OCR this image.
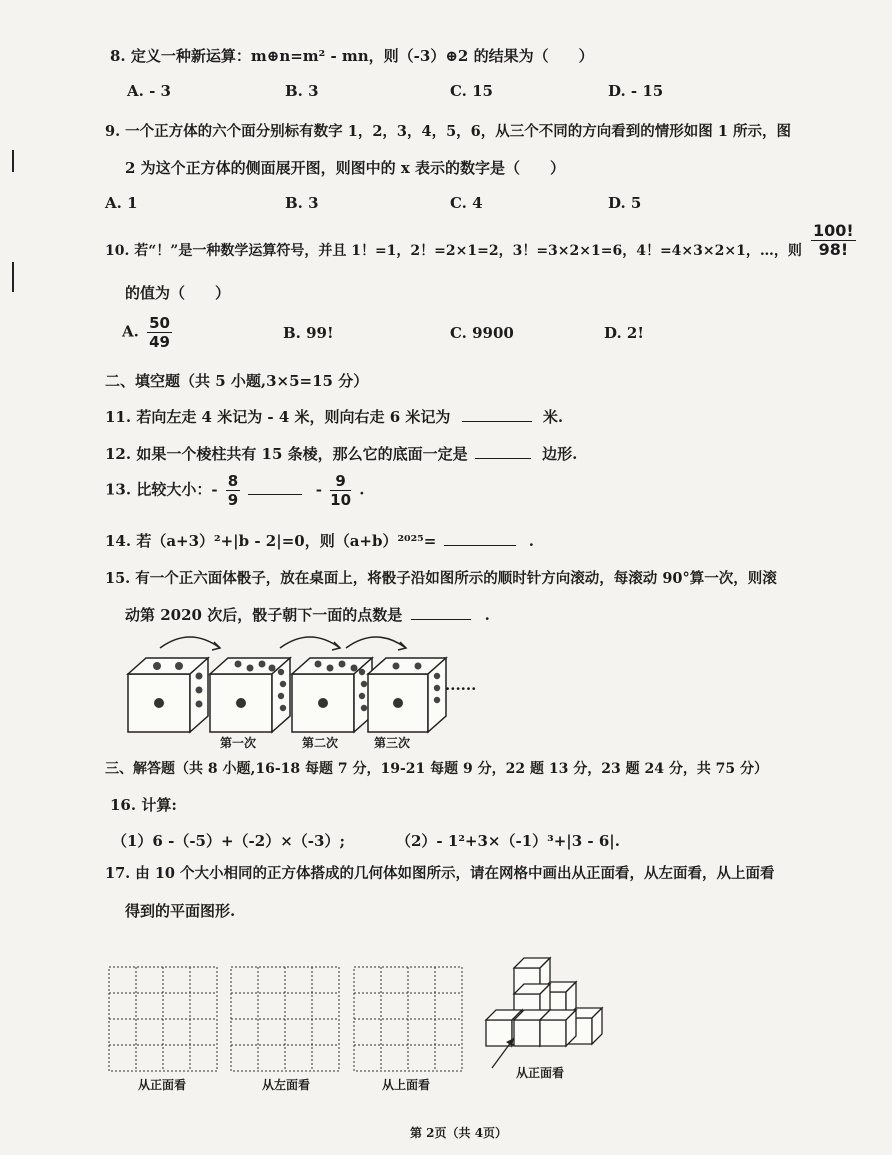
8. 定义一种新运算：m⊕n=m² - mn，则（-3）⊕2 的结果为（　　）
A. - 3	B. 3	C. 15	D. - 15
9. 一个正方体的六个面分别标有数字 1，2，3，4，5，6，从三个不同的方向看到的情形如图 1 所示，图
2 为这个正方体的侧面展开图，则图中的 x 表示的数字是（　　）
A. 1	B. 3	C. 4	D. 5
10. 若“！”是一种数学运算符号，并且 1！=1，2！=2×1=2，3！=3×2×1=6，4！=4×3×2×1，…，则 $\frac{100!}{98!}$
的值为（　　）
A. $\frac{50}{49}$	B. 99!	C. 9900	D. 2!
二、填空题（共 5 小题,3×5=15 分）
11. 若向左走 4 米记为 - 4 米，则向右走 6 米记为	米.
12. 如果一个棱柱共有 15 条棱，那么它的底面一定是	边形.
13. 比较大小：- $\frac{8}{9}$	- $\frac{9}{10}$ .
14. 若（a+3）²+|b - 2|=0，则（a+b）²⁰²⁵=	.
15. 有一个正六面体骰子，放在桌面上，将骰子沿如图所示的顺时针方向滚动，每滚动 90°算一次，则滚
动第 2020 次后，骰子朝下一面的点数是	.
......
第一次	第二次	第三次
三、解答题（共 8 小题,16-18 每题 7 分，19-21 每题 9 分，22 题 13 分，23 题 24 分，共 75 分）
16. 计算:
（1）6 -（-5）+（-2）×（-3）;	（2）- 1²+3×（-1）³+|3 - 6|.
17. 由 10 个大小相同的正方体搭成的几何体如图所示，请在网格中画出从正面看，从左面看，从上面看
得到的平面图形.
从正面看	从左面看	从上面看
从正面看
第 2页（共 4页）
